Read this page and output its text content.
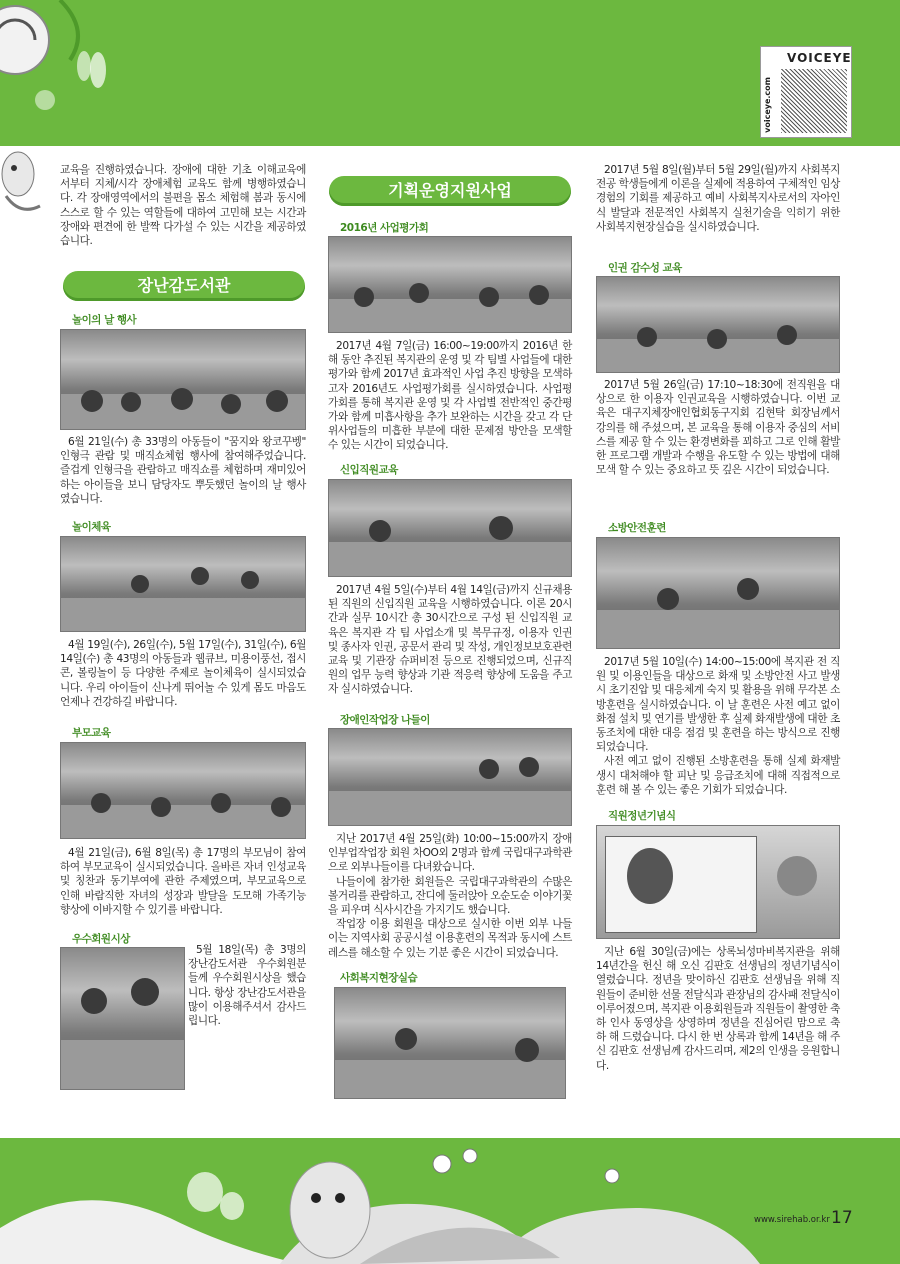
VOICEYE
voiceye.com

교육을 진행하였습니다. 장애에 대한 기초 이해교육에 서부터 지체/시각 장애체험 교육도 함께 병행하였습니다. 각 장애영역에서의 불편을 몸소 체험해 봄과 동시에 스스로 할 수 있는 역할들에 대하여 고민해 보는 시간과 장애와 편견에 한 발짝 다가설 수 있는 시간을 제공하였습니다.

장난감도서관
놀이의 날 행사

6월 21일(수) 총 33명의 아동들이 "꿈지와 왕코꾸벵" 인형극 관람 및 매직쇼체험 행사에 참여해주었습니다. 즐겁게 인형극을 관람하고 매직쇼를 체험하며 재미있어 하는 아이들을 보니 담당자도 뿌듯했던 놀이의 날 행사였습니다.

놀이체육

4월 19일(수), 26일(수), 5월 17일(수), 31일(수), 6월 14일(수) 총 43명의 아동들과 웹큐브, 미용이풍선, 접시콘, 볼링놀이 등 다양한 주제로 놀이체육이 실시되었습니다. 우리 아이들이 신나게 뛰어놀 수 있게 몸도 마음도 언제나 건강하길 바랍니다.

부모교육

4월 21일(금), 6월 8일(목) 총 17명의 부모님이 참여하여 부모교육이 실시되었습니다. 올바른 자녀 인성교육 및 칭찬과 동기부여에 관한 주제였으며, 부모교육으로 인해 바람직한 자녀의 성장과 발달을 도모해 가족기능 향상에 이바지할 수 있기를 바랍니다.

우수회원시상

5월 18일(목) 총 3명의 장난감도서관 우수회원분들께 우수회원시상을 했습니다. 항상 장난감도서관을 많이 이용해주셔서 감사드립니다.

기획운영지원사업
2016년 사업평가회

2017년 4월 7일(금) 16:00~19:00까지 2016년 한 해 동안 추진된 복지관의 운영 및 각 팀별 사업들에 대한 평가와 함께 2017년 효과적인 사업 추진 방향을 모색하고자 2016년도 사업평가회를 실시하였습니다. 사업평가회를 통해 복지관 운영 및 각 사업별 전반적인 중간평가와 함께 미흡사항을 추가 보완하는 시간을 갖고 각 단위사업들의 미흡한 부분에 대한 문제점 방안을 모색할 수 있는 시간이 되었습니다.

신입직원교육

2017년 4월 5일(수)부터 4월 14일(금)까지 신규채용된 직원의 신입직원 교육을 시행하였습니다. 이론 20시간과 실무 10시간 총 30시간으로 구성 된 신입직원 교육은 복지관 각 팀 사업소개 및 복무규정, 이용자 인권 및 종사자 인권, 공문서 관리 및 작성, 개인정보보호관련 교육 및 기관장 슈퍼비전 등으로 진행되었으며, 신규직원의 업무 능력 향상과 기관 적응력 향상에 도움을 주고자 실시하였습니다.

장애인작업장 나들이

지난 2017년 4월 25일(화) 10:00~15:00까지 장애인부업작업장 회원 차OO외 2명과 함께 국립대구과학관으로 외부나들이를 다녀왔습니다.

나들이에 참가한 회원들은 국립대구과학관의 수많은 볼거리를 관람하고, 잔디에 둘러앉아 오순도순 이야기꽃을 피우며 식사시간을 가지기도 했습니다.

작업장 이용 회원을 대상으로 실시한 이번 외부 나들이는 지역사회 공공시설 이용훈련의 목적과 동시에 스트레스를 해소할 수 있는 기분 좋은 시간이 되었습니다.

사회복지현장실습

2017년 5월 8일(월)부터 5월 29일(월)까지 사회복지전공 학생들에게 이론을 실제에 적용하여 구체적인 임상경험의 기회를 제공하고 예비 사회복지사로서의 자아인식 발달과 전문적인 사회복지 실천기술을 익히기 위한 사회복지현장실습을 실시하였습니다.

인권 감수성 교육

2017년 5월 26일(금) 17:10~18:30에 전직원을 대상으로 한 이용자 인권교육을 시행하였습니다. 이번 교육은 대구지체장애인협회동구지회 김현탁 회장님께서 강의를 해 주셨으며, 본 교육을 통해 이용자 중심의 서비스를 제공 할 수 있는 환경변화를 꾀하고 그로 인해 활발한 프로그램 개발과 수행을 유도할 수 있는 방법에 대해 모색 할 수 있는 중요하고 뜻 깊은 시간이 되었습니다.

소방안전훈련

2017년 5월 10일(수) 14:00~15:00에 복지관 전 직원 및 이용인들을 대상으로 화재 및 소방안전 사고 발생 시 초기진압 및 대응체계 숙지 및 활용을 위해 무각본 소방훈련을 실시하였습니다. 이 날 훈련은 사전 예고 없이 화점 설치 및 연기를 발생한 후 실제 화재발생에 대한 초동조치에 대한 대응 점검 및 훈련을 하는 방식으로 진행되었습니다.

사전 예고 없이 진행된 소방훈련을 통해 실제 화재발생시 대처해야 할 피난 및 응급조치에 대해 직접적으로 훈련 해 볼 수 있는 좋은 기회가 되었습니다.

직원정년기념식

지난 6월 30일(금)에는 상록뇌성마비복지관을 위해 14년간을 헌신 해 오신 김판호 선생님의 정년기념식이 열렸습니다. 정년을 맞이하신 김판호 선생님을 위해 직원들이 준비한 선물 전달식과 관장님의 감사패 전달식이 이루어졌으며, 복지관 이용회원들과 직원들이 촬영한 축하 인사 동영상을 상영하며 정년을 진심어린 맘으로 축하 해 드렸습니다. 다시 한 번 상록과 함께 14년을 해 주신 김판호 선생님께 감사드리며, 제2의 인생을 응원합니다.

www.sirehab.or.kr 17
